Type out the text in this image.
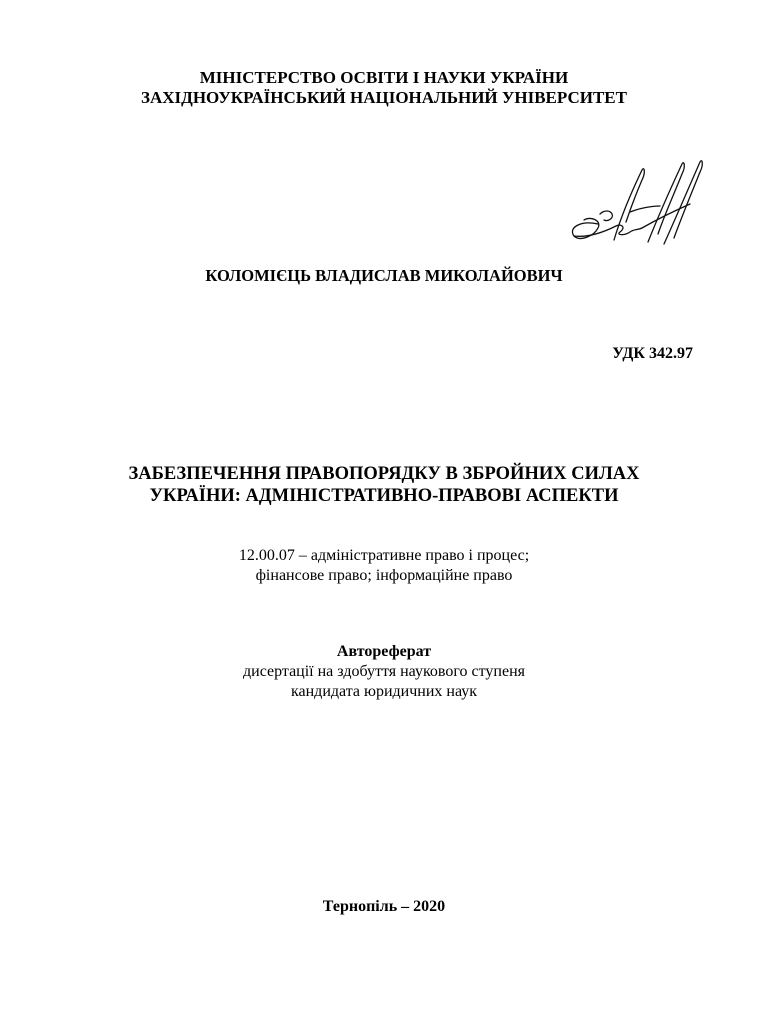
МІНІСТЕРСТВО ОСВІТИ І НАУКИ УКРАЇНИ
ЗАХІДНОУКРАЇНСЬКИЙ НАЦІОНАЛЬНИЙ УНІВЕРСИТЕТ
КОЛОМІЄЦЬ ВЛАДИСЛАВ МИКОЛАЙОВИЧ
УДК 342.97
ЗАБЕЗПЕЧЕННЯ ПРАВОПОРЯДКУ В ЗБРОЙНИХ СИЛАХ
УКРАЇНИ: АДМІНІСТРАТИВНО-ПРАВОВІ АСПЕКТИ
12.00.07 – адміністративне право і процес;
фінансове право; інформаційне право
Автореферат
дисертації на здобуття наукового ступеня
кандидата юридичних наук
Тернопіль – 2020
